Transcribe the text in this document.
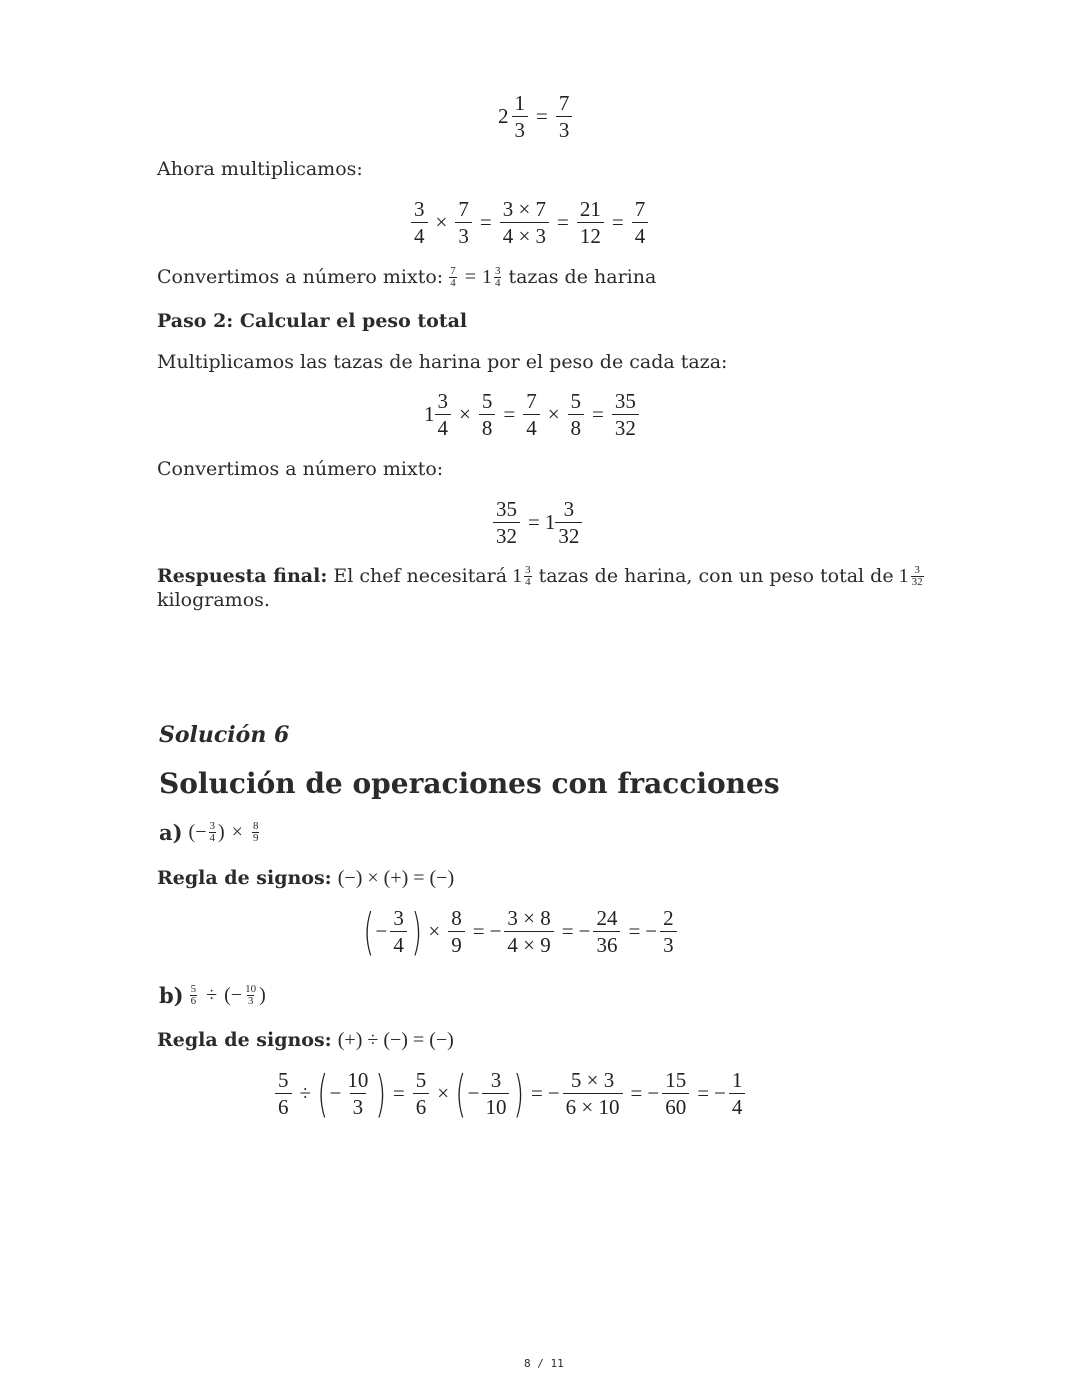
$2 \frac{1}{3} = \frac{7}{3}$
Ahora multiplicamos:
$\frac{3}{4} \times \frac{7}{3} = \frac{3 \times 7}{4 \times 3} = \frac{21}{12} = \frac{7}{4}$
Convertimos a número mixto: $\frac{7}{4} = 1 \frac{3}{4}$ tazas de harina
Paso 2: Calcular el peso total
Multiplicamos las tazas de harina por el peso de cada taza:
$1 \frac{3}{4} \times \frac{5}{8} = \frac{7}{4} \times \frac{5}{8} = \frac{35}{32}$
Convertimos a número mixto:
$\frac{35}{32} = 1 \frac{3}{32}$
Respuesta final: El chef necesitará $1 \frac{3}{4}$ tazas de harina, con un peso total de $1 \frac{3}{32}$
kilogramos.
Solución 6
Solución de operaciones con fracciones
a) ( − $\frac{3}{4}$ ) × $\frac{8}{9}$
Regla de signos: (−) × (+) = (−)
( − $\frac{3}{4}$ ) × $\frac{8}{9}$ = − $\frac{3 \times 8}{4 \times 9}$ = − $\frac{24}{36}$ = − $\frac{2}{3}$
$b) \frac{5}{6}$ ÷ ( − $\frac{10}{3}$ )
Regla de signos: (+) ÷ (−) = (−)
$\frac{5}{6}$ ÷ ( − $\frac{10}{3}$ ) = $\frac{5}{6}$ × ( − $\frac{3}{10}$ ) = − $\frac{5 \times 3}{6 \times 10}$ = − $\frac{15}{60}$ = − $\frac{1}{4}$
8 / 11
